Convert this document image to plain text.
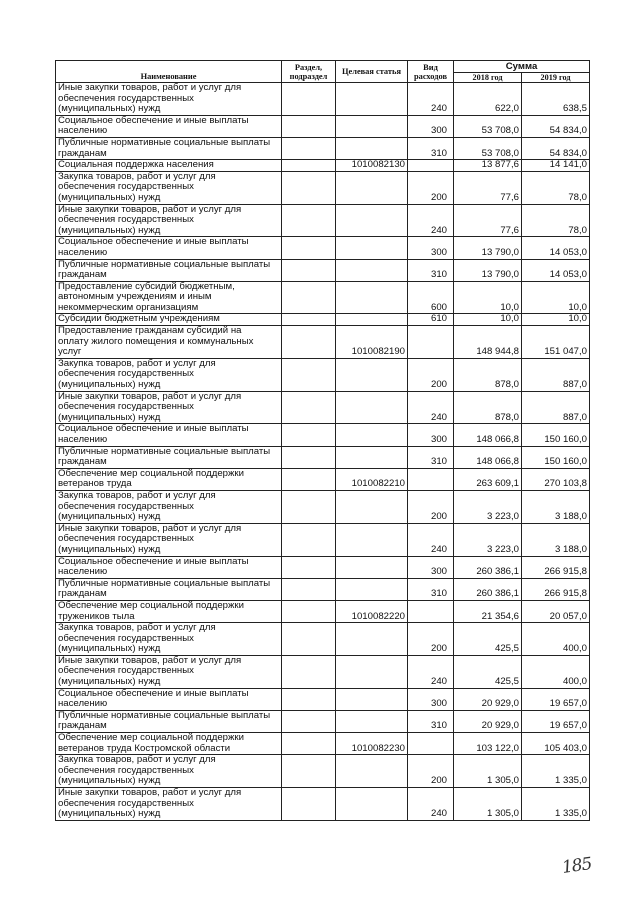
Наименование	Раздел, подраздел	Целевая статья	Вид расходов	Сумма	
				2018 год	2019 год
Иные закупки товаров, работ и услуг для
обеспечения государственных
(муниципальных) нужд			240	622,0	638,5
Социальное обеспечение и иные выплаты
населению			300	53 708,0	54 834,0
Публичные нормативные социальные выплаты
гражданам			310	53 708,0	54 834,0
Социальная поддержка населения		1010082130		13 877,6	14 141,0
Закупка товаров, работ и услуг для
обеспечения государственных
(муниципальных) нужд			200	77,6	78,0
Иные закупки товаров, работ и услуг для
обеспечения государственных
(муниципальных) нужд			240	77,6	78,0
Социальное обеспечение и иные выплаты
населению			300	13 790,0	14 053,0
Публичные нормативные социальные выплаты
гражданам			310	13 790,0	14 053,0
Предоставление субсидий бюджетным,
автономным учреждениям и иным
некоммерческим организациям			600	10,0	10,0
Субсидии бюджетным учреждениям			610	10,0	10,0
Предоставление гражданам субсидий на
оплату жилого помещения и коммунальных
услуг		1010082190		148 944,8	151 047,0
Закупка товаров, работ и услуг для
обеспечения государственных
(муниципальных) нужд			200	878,0	887,0
Иные закупки товаров, работ и услуг для
обеспечения государственных
(муниципальных) нужд			240	878,0	887,0
Социальное обеспечение и иные выплаты
населению			300	148 066,8	150 160,0
Публичные нормативные социальные выплаты
гражданам			310	148 066,8	150 160,0
Обеспечение мер социальной поддержки
ветеранов труда		1010082210		263 609,1	270 103,8
Закупка товаров, работ и услуг для
обеспечения государственных
(муниципальных) нужд			200	3 223,0	3 188,0
Иные закупки товаров, работ и услуг для
обеспечения государственных
(муниципальных) нужд			240	3 223,0	3 188,0
Социальное обеспечение и иные выплаты
населению			300	260 386,1	266 915,8
Публичные нормативные социальные выплаты
гражданам			310	260 386,1	266 915,8
Обеспечение мер социальной поддержки
тружеников тыла		1010082220		21 354,6	20 057,0
Закупка товаров, работ и услуг для
обеспечения государственных
(муниципальных) нужд			200	425,5	400,0
Иные закупки товаров, работ и услуг для
обеспечения государственных
(муниципальных) нужд			240	425,5	400,0
Социальное обеспечение и иные выплаты
населению			300	20 929,0	19 657,0
Публичные нормативные социальные выплаты
гражданам			310	20 929,0	19 657,0
Обеспечение мер социальной поддержки
ветеранов труда Костромской области		1010082230		103 122,0	105 403,0
Закупка товаров, работ и услуг для
обеспечения государственных
(муниципальных) нужд			200	1 305,0	1 335,0
Иные закупки товаров, работ и услуг для
обеспечения государственных
(муниципальных) нужд			240	1 305,0	1 335,0
185
